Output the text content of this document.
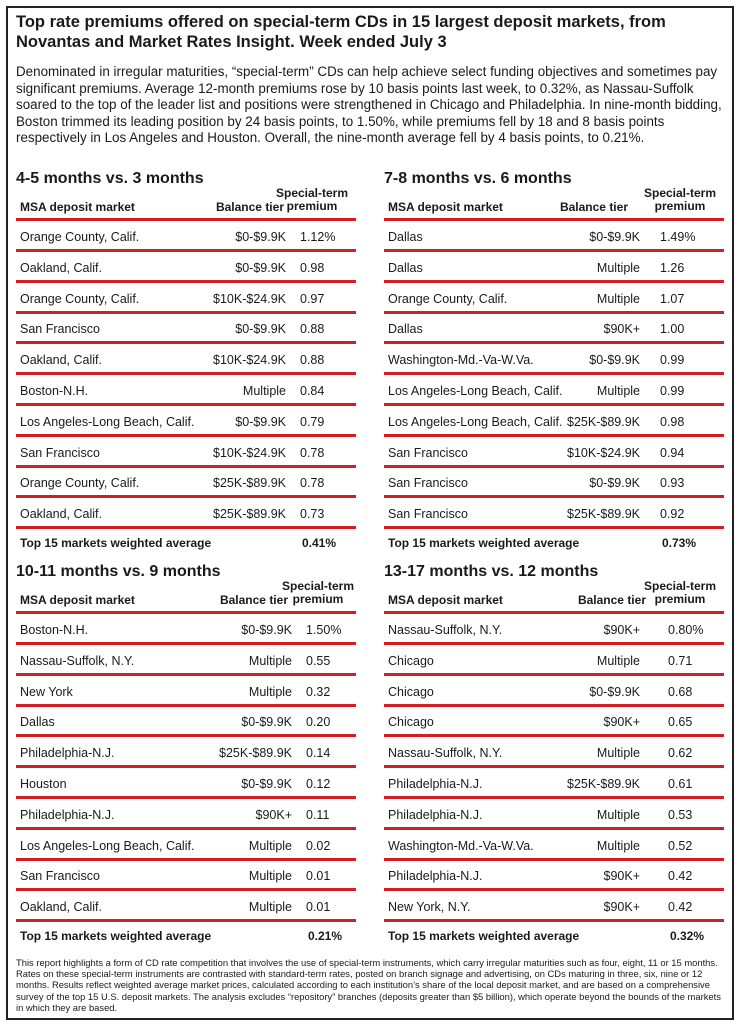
Top rate premiums offered on special-term CDs in 15 largest deposit markets, from Novantas and Market Rates Insight. Week ended July 3
Denominated in irregular maturities, “special-term” CDs can help achieve select funding objectives and sometimes pay significant premiums. Average 12-month premiums rose by 10 basis points last week, to 0.32%, as Nassau-Suffolk soared to the top of the leader list and positions were strengthened in Chicago and Philadelphia. In nine-month bidding, Boston trimmed its leading position by 24 basis points, to 1.50%, while premiums fell by 18 and 8 basis points respectively in Los Angeles and Houston. Overall, the nine-month average fell by 4 basis points, to 0.21%.
4-5 months vs. 3 months
MSA deposit market	Balance tier
Special-term premium
Orange County, Calif.	$0-$9.9K 1.12%
Oakland, Calif.	$0-$9.9K 0.98
Orange County, Calif.	$10K-$24.9K 0.97
San Francisco	$0-$9.9K 0.88
Oakland, Calif.	$10K-$24.9K 0.88
Boston-N.H.	Multiple 0.84
Los Angeles-Long Beach, Calif.	$0-$9.9K 0.79
San Francisco	$10K-$24.9K 0.78
Orange County, Calif.	$25K-$89.9K 0.78
Oakland, Calif.	$25K-$89.9K 0.73
Top 15 markets weighted average	0.41%
7-8 months vs. 6 months
MSA deposit market	Balance tier
Special-term premium
Dallas	$0-$9.9K 1.49%
Dallas	Multiple 1.26
Orange County, Calif.	Multiple 1.07
Dallas	$90K+ 1.00
Washington-Md.-Va-W.Va.	$0-$9.9K 0.99
Los Angeles-Long Beach, Calif.	Multiple 0.99
Los Angeles-Long Beach, Calif. $25K-$89.9K 0.98
San Francisco	$10K-$24.9K 0.94
San Francisco	$0-$9.9K 0.93
San Francisco	$25K-$89.9K 0.92
Top 15 markets weighted average	0.73%
10-11 months vs. 9 months
MSA deposit market	Balance tier
Special-term premium
Boston-N.H.	$0-$9.9K 1.50%
Nassau-Suffolk, N.Y.	Multiple 0.55
New York	Multiple 0.32
Dallas	$0-$9.9K 0.20
Philadelphia-N.J.	$25K-$89.9K 0.14
Houston	$0-$9.9K 0.12
Philadelphia-N.J.	$90K+ 0.11
Los Angeles-Long Beach, Calif.	Multiple 0.02
San Francisco	Multiple 0.01
Oakland, Calif.	Multiple 0.01
Top 15 markets weighted average	0.21%
13-17 months vs. 12 months
MSA deposit market	Balance tier
Special-term premium
Nassau-Suffolk, N.Y.	$90K+ 0.80%
Chicago	Multiple 0.71
Chicago	$0-$9.9K 0.68
Chicago	$90K+ 0.65
Nassau-Suffolk, N.Y.	Multiple 0.62
Philadelphia-N.J.	$25K-$89.9K 0.61
Philadelphia-N.J.	Multiple 0.53
Washington-Md.-Va-W.Va.	Multiple 0.52
Philadelphia-N.J.	$90K+ 0.42
New York, N.Y.	$90K+ 0.42
Top 15 markets weighted average	0.32%
This report highlights a form of CD rate competition that involves the use of special-term instruments, which carry irregular maturities such as four, eight, 11 or 15 months. Rates on these special-term instruments are contrasted with standard-term rates, posted on branch signage and advertising, on CDs maturing in three, six, nine or 12 months. Results reflect weighted average market prices, calculated according to each institution’s share of the local deposit market, and are based on a comprehensive survey of the top 15 U.S. deposit markets. The analysis excludes “repository” branches (deposits greater than $5 billion), which operate beyond the bounds of the markets in which they are based.
